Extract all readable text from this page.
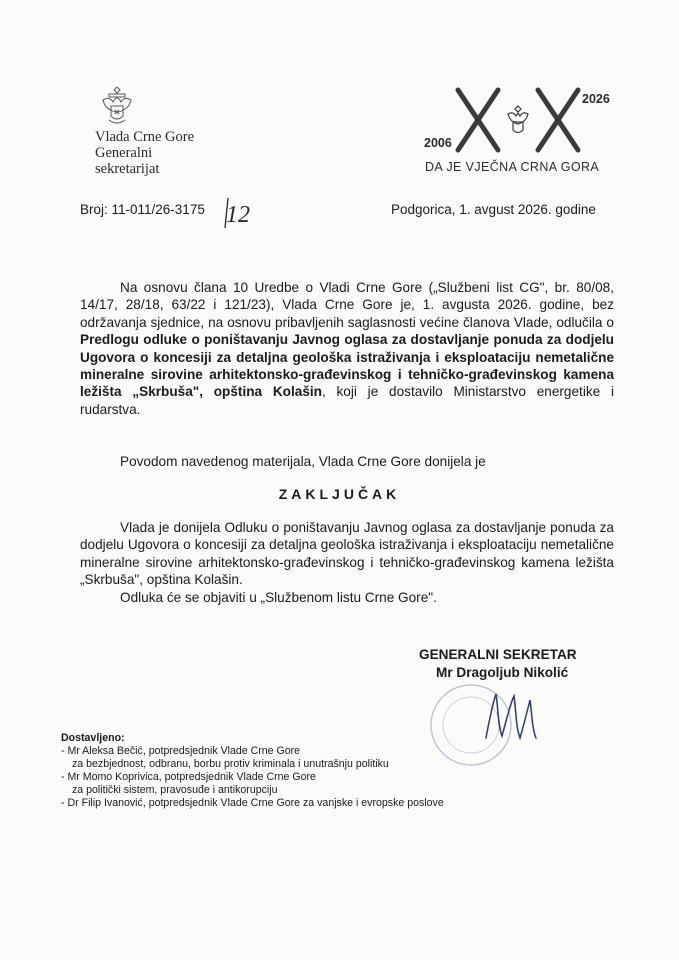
Vlada Crne Gore
Generalni
sekretarijat
2026
2006
DA JE VJEČNA CRNA GORA
Broj: 11-011/26-3175 12	Podgorica, 1. avgust 2026. godine
Na osnovu člana 10 Uredbe o Vladi Crne Gore („Službeni list CG", br. 80/08, 14/17, 28/18, 63/22 i 121/23), Vlada Crne Gore je, 1. avgusta 2026. godine, bez održavanja sjednice, na osnovu pribavljenih saglasnosti većine članova Vlade, odlučila o Predlogu odluke o poništavanju Javnog oglasa za dostavljanje ponuda za dodjelu Ugovora o koncesiji za detaljna geološka istraživanja i eksploataciju nemetalične mineralne sirovine arhitektonsko-građevinskog i tehničko-građevinskog kamena ležišta „Skrbuša", opština Kolašin, koji je dostavilo Ministarstvo energetike i rudarstva.
Povodom navedenog materijala, Vlada Crne Gore donijela je
ZAKLJUČAK
Vlada je donijela Odluku o poništavanju Javnog oglasa za dostavljanje ponuda za dodjelu Ugovora o koncesiji za detaljna geološka istraživanja i eksploataciju nemetalične mineralne sirovine arhitektonsko-građevinskog i tehničko-građevinskog kamena ležišta „Skrbuša", opština Kolašin.
Odluka će se objaviti u „Službenom listu Crne Gore".
GENERALNI SEKRETAR
Mr Dragoljub Nikolić
Dostavljeno:
- Mr Aleksa Bečić, potpredsjednik Vlade Crne Gore
za bezbjednost, odbranu, borbu protiv kriminala i unutrašnju politiku
- Mr Momo Koprivica, potpredsjednik Vlade Crne Gore
za politički sistem, pravosuđe i antikorupciju
- Dr Filip Ivanović, potpredsjednik Vlade Crne Gore za vanjske i evropske poslove
